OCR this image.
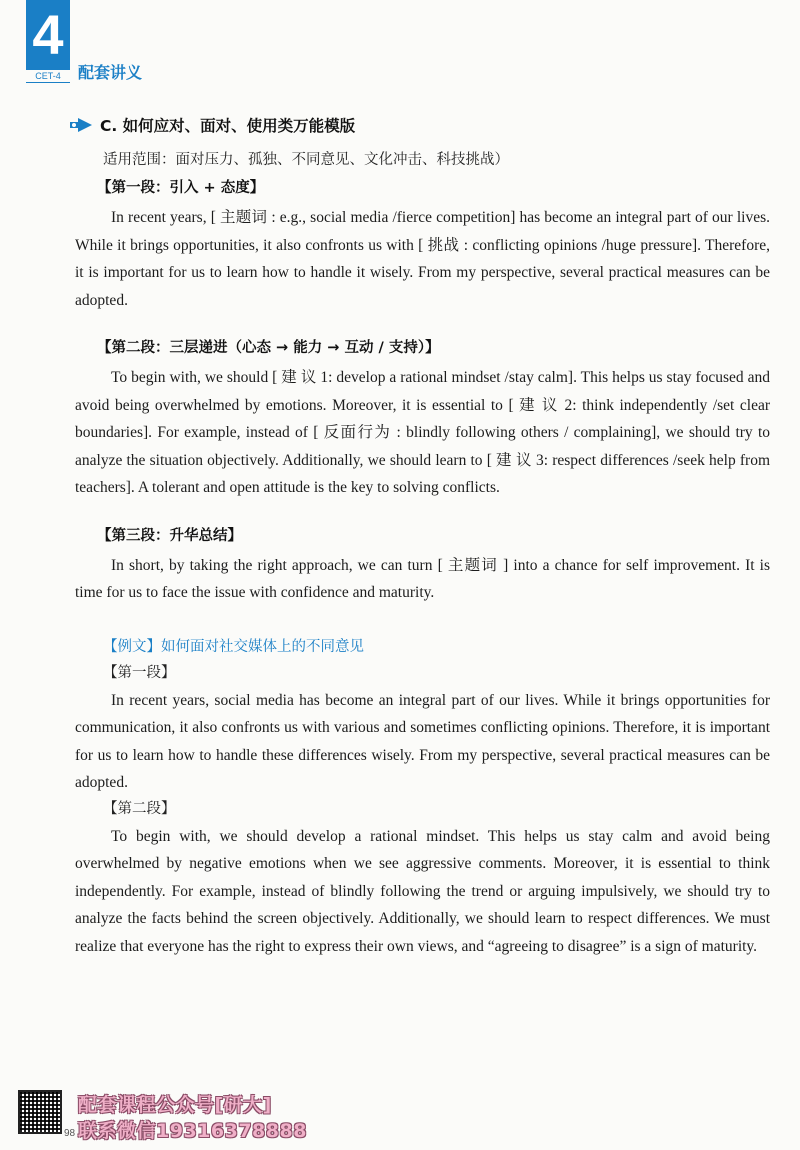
4
CET-4	配套讲义
C. 如何应对、面对、使用类万能模版
适用范围：面对压力、孤独、不同意见、文化冲击、科技挑战）
【第一段：引入 + 态度】

In recent years, [ 主题词 : e.g., social media /fierce competition] has become an integral part of our lives. While it brings opportunities, it also confronts us with [ 挑战 : conflicting opinions /huge pressure]. Therefore, it is important for us to learn how to handle it wisely. From my perspective, several practical measures can be adopted.

【第二段：三层递进（心态 → 能力 → 互动 / 支持）】

To begin with, we should [ 建 议 1: develop a rational mindset /stay calm]. This helps us stay focused and avoid being overwhelmed by emotions. Moreover, it is essential to [ 建 议 2: think independently /set clear boundaries]. For example, instead of [ 反面行为 : blindly following others / complaining], we should try to analyze the situation objectively. Additionally, we should learn to [ 建 议 3: respect differences /seek help from teachers]. A tolerant and open attitude is the key to solving conflicts.

【第三段：升华总结】

In short, by taking the right approach, we can turn [ 主题词 ] into a chance for self improvement. It is time for us to face the issue with confidence and maturity.

【例文】如何面对社交媒体上的不同意见
【第一段】

In recent years, social media has become an integral part of our lives. While it brings opportunities for communication, it also confronts us with various and sometimes conflicting opinions. Therefore, it is important for us to learn how to handle these differences wisely. From my perspective, several practical measures can be adopted.

【第二段】

To begin with, we should develop a rational mindset. This helps us stay calm and avoid being overwhelmed by negative emotions when we see aggressive comments. Moreover, it is essential to think independently. For example, instead of blindly following the trend or arguing impulsively, we should try to analyze the facts behind the screen objectively. Additionally, we should learn to respect differences. We must realize that everyone has the right to express their own views, and “agreeing to disagree” is a sign of maturity.

98
配套课程公众号[研大]
联系微信19316378888
